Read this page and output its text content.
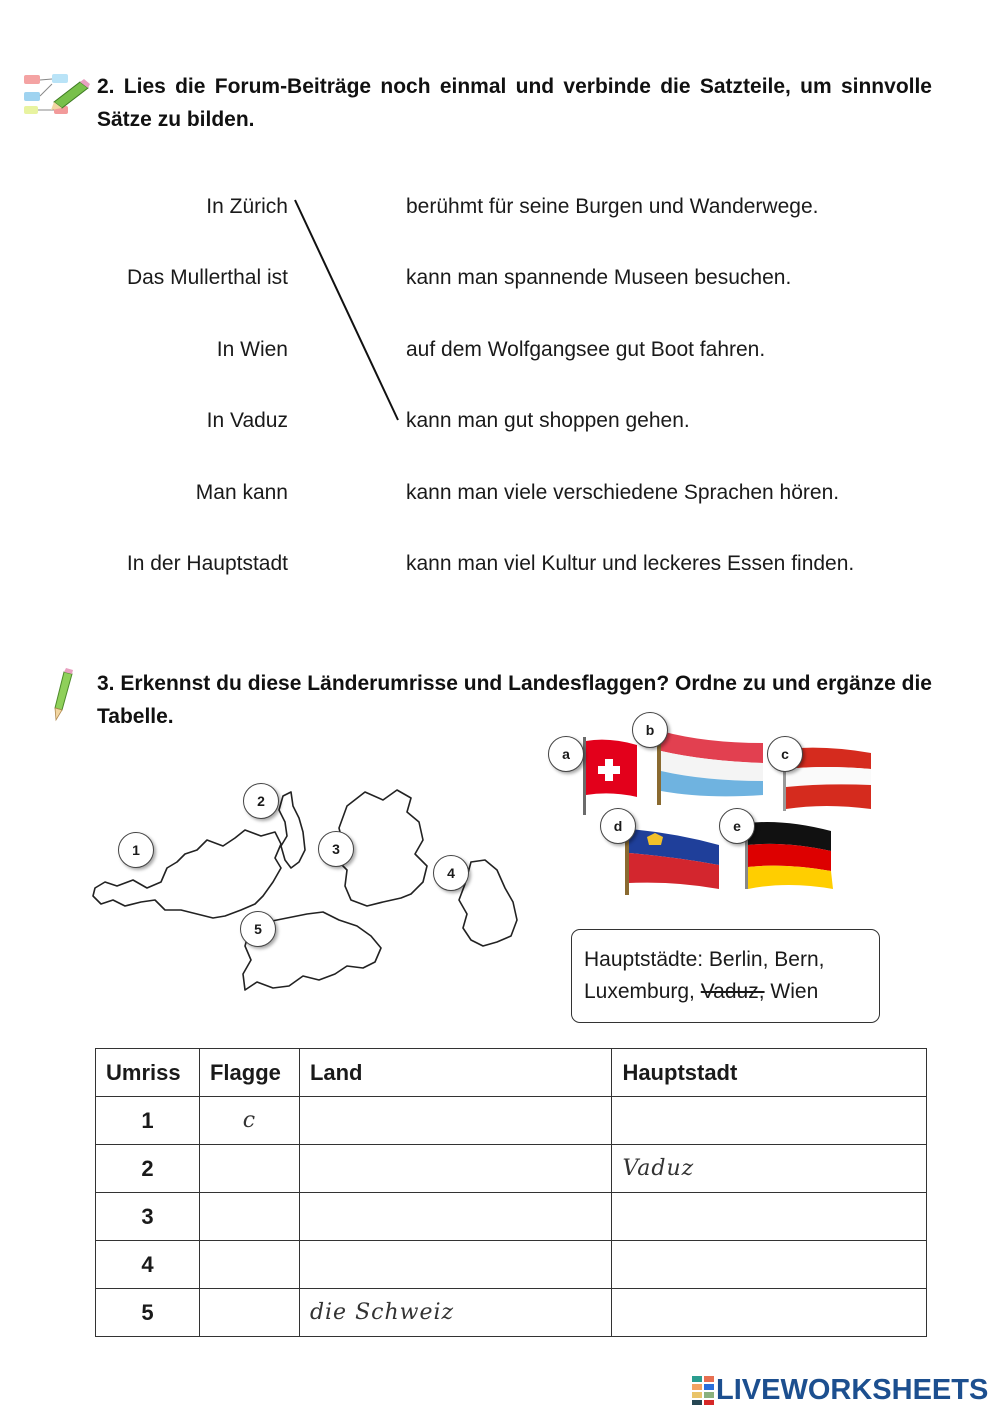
2. Lies die Forum-Beiträge noch einmal und verbinde die Satzteile, um sinnvolle Sätze zu bilden.
In Zürich
Das Mullerthal ist
In Wien
In Vaduz
Man kann
In der Hauptstadt
berühmt für seine Burgen und Wanderwege.
kann man spannende Museen besuchen.
auf dem Wolfgangsee gut Boot fahren.
kann man gut shoppen gehen.
kann man viele verschiedene Sprachen hören.
kann man viel Kultur und leckeres Essen finden.
3. Erkennst du diese Länderumrisse und Landesflaggen? Ordne zu und ergänze die Tabelle.
1
2
3
4
5
a
b
c
d	e
Hauptstädte: Berlin, Bern,
Luxemburg, Vaduz, Wien
Umriss	Flagge	Land	Hauptstadt
1	c		
2			Vaduz
3			
4			
5		die Schweiz	
LIVE WORKSHEETS
